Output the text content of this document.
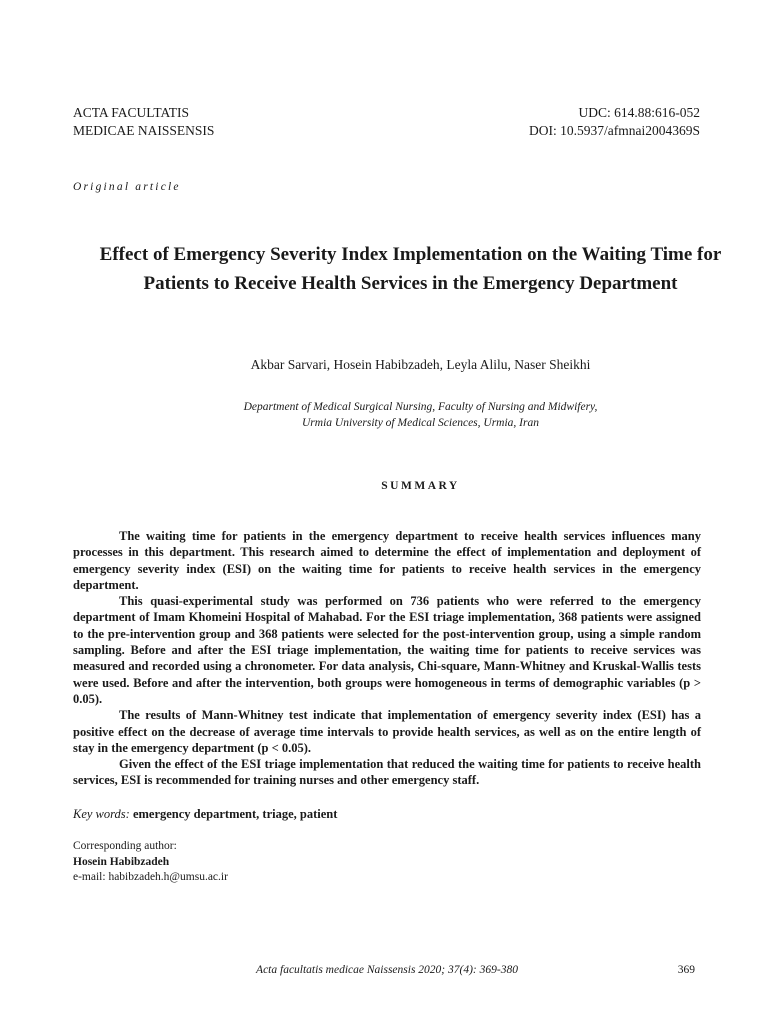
ACTA FACULTATIS
MEDICAE NAISSENSIS
UDC: 614.88:616-052
DOI: 10.5937/afmnai2004369S
Original article
Effect of Emergency Severity Index Implementation on the Waiting Time for Patients to Receive Health Services in the Emergency Department
Akbar Sarvari, Hosein Habibzadeh, Leyla Alilu, Naser Sheikhi
Department of Medical Surgical Nursing, Faculty of Nursing and Midwifery,
Urmia University of Medical Sciences, Urmia, Iran
SUMMARY

The waiting time for patients in the emergency department to receive health services influences many processes in this department. This research aimed to determine the effect of implementation and deployment of emergency severity index (ESI) on the waiting time for patients to receive health services in the emergency department.

This quasi-experimental study was performed on 736 patients who were referred to the emergency department of Imam Khomeini Hospital of Mahabad. For the ESI triage implementation, 368 patients were assigned to the pre-intervention group and 368 patients were selected for the post-intervention group, using a simple random sampling. Before and after the ESI triage implementation, the waiting time for patients to receive services was measured and recorded using a chronometer. For data analysis, Chi-square, Mann-Whitney and Kruskal-Wallis tests were used. Before and after the intervention, both groups were homogeneous in terms of demographic variables (p > 0.05).

The results of Mann-Whitney test indicate that implementation of emergency severity index (ESI) has a positive effect on the decrease of average time intervals to provide health services, as well as on the entire length of stay in the emergency department (p < 0.05).

Given the effect of the ESI triage implementation that reduced the waiting time for patients to receive health services, ESI is recommended for training nurses and other emergency staff.

Key words: emergency department, triage, patient
Corresponding author:
Hosein Habibzadeh
e-mail: habibzadeh.h@umsu.ac.ir
Acta facultatis medicae Naissensis 2020; 37(4): 369-380	369
